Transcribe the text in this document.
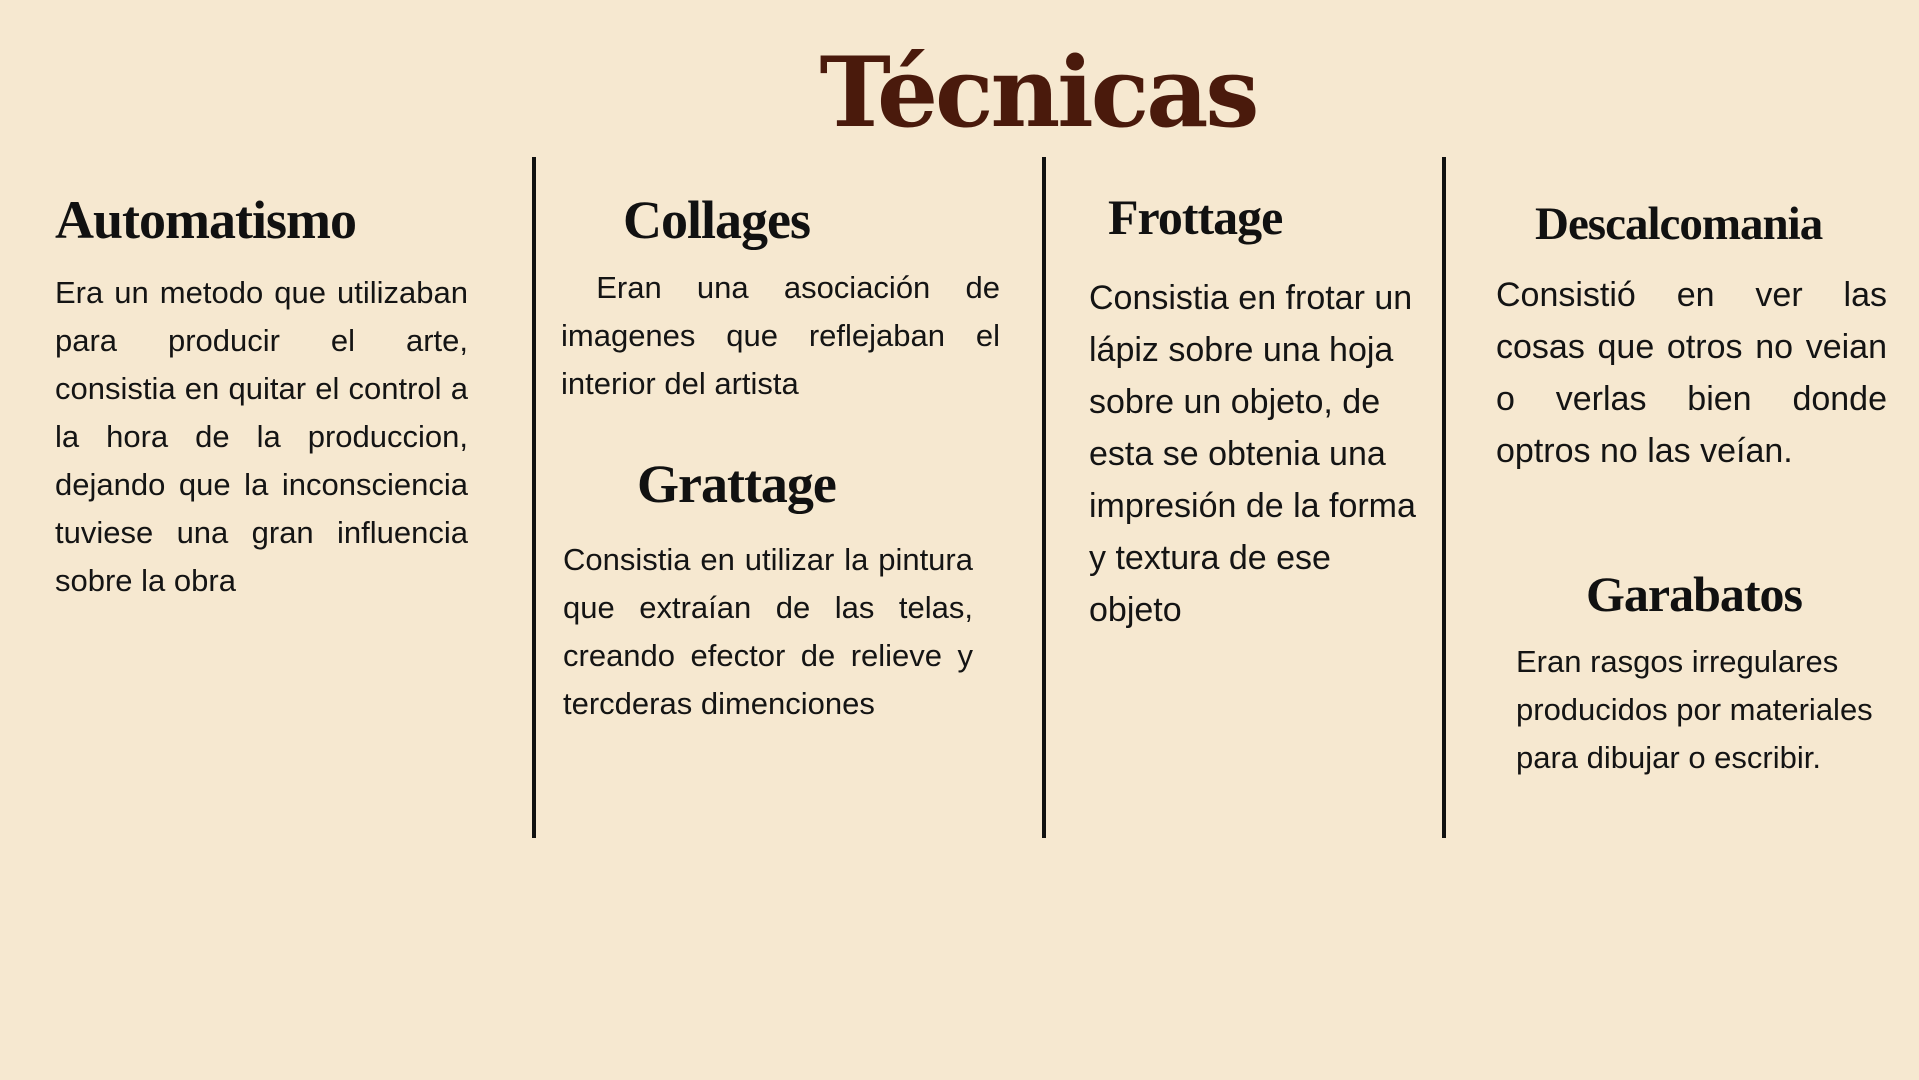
Técnicas
Automatismo
Era un metodo que utilizaban para producir el arte, consistia en quitar el control a la hora de la produccion, dejando que la inconsciencia tuviese una gran influencia sobre la obra
Collages
Eran una asociación de imagenes que reflejaban el interior del artista
Grattage
Consistia en utilizar la pintura que extraían de las telas, creando efector de relieve y tercderas dimenciones
Frottage
Consistia en frotar un lápiz sobre una hoja sobre un objeto, de esta se obtenia una impresión de la forma y textura de ese objeto
Descalcomania
Consistió en ver las cosas que otros no veian o verlas bien donde optros no las veían.
Garabatos
Eran rasgos irregulares producidos por materiales para dibujar o escribir.
